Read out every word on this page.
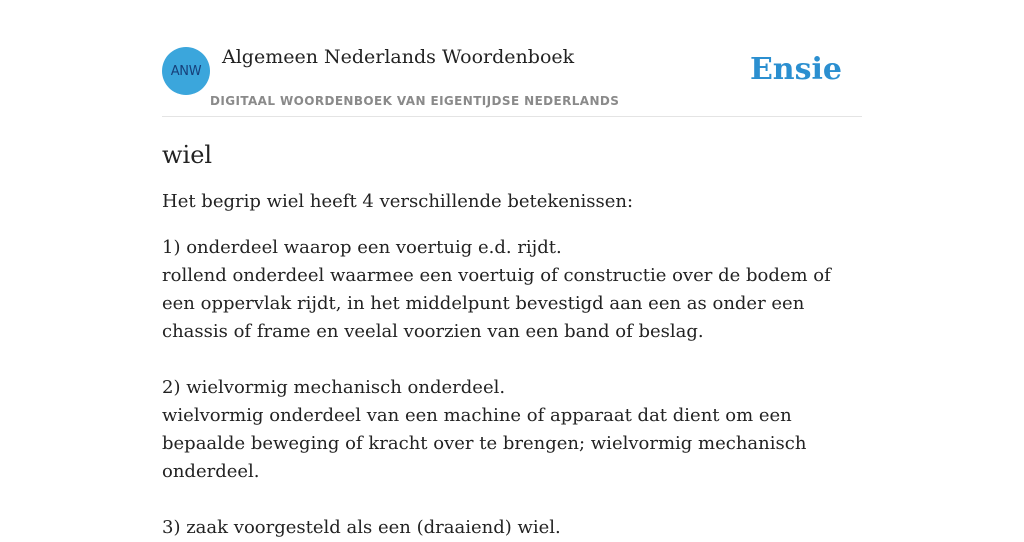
ANW
Algemeen Nederlands Woordenboek
DIGITAAL WOORDENBOEK VAN EIGENTIJDSE NEDERLANDS
Ensie
wiel

Het begrip wiel heeft 4 verschillende betekenissen:

1) onderdeel waarop een voertuig e.d. rijdt.

rollend onderdeel waarmee een voertuig of constructie over de bodem of een oppervlak rijdt, in het middelpunt bevestigd aan een as onder een chassis of frame en veelal voorzien van een band of beslag.

2) wielvormig mechanisch onderdeel.

wielvormig onderdeel van een machine of apparaat dat dient om een bepaalde beweging of kracht over te brengen; wielvormig mechanisch onderdeel.

3) zaak voorgesteld als een (draaiend) wiel.
